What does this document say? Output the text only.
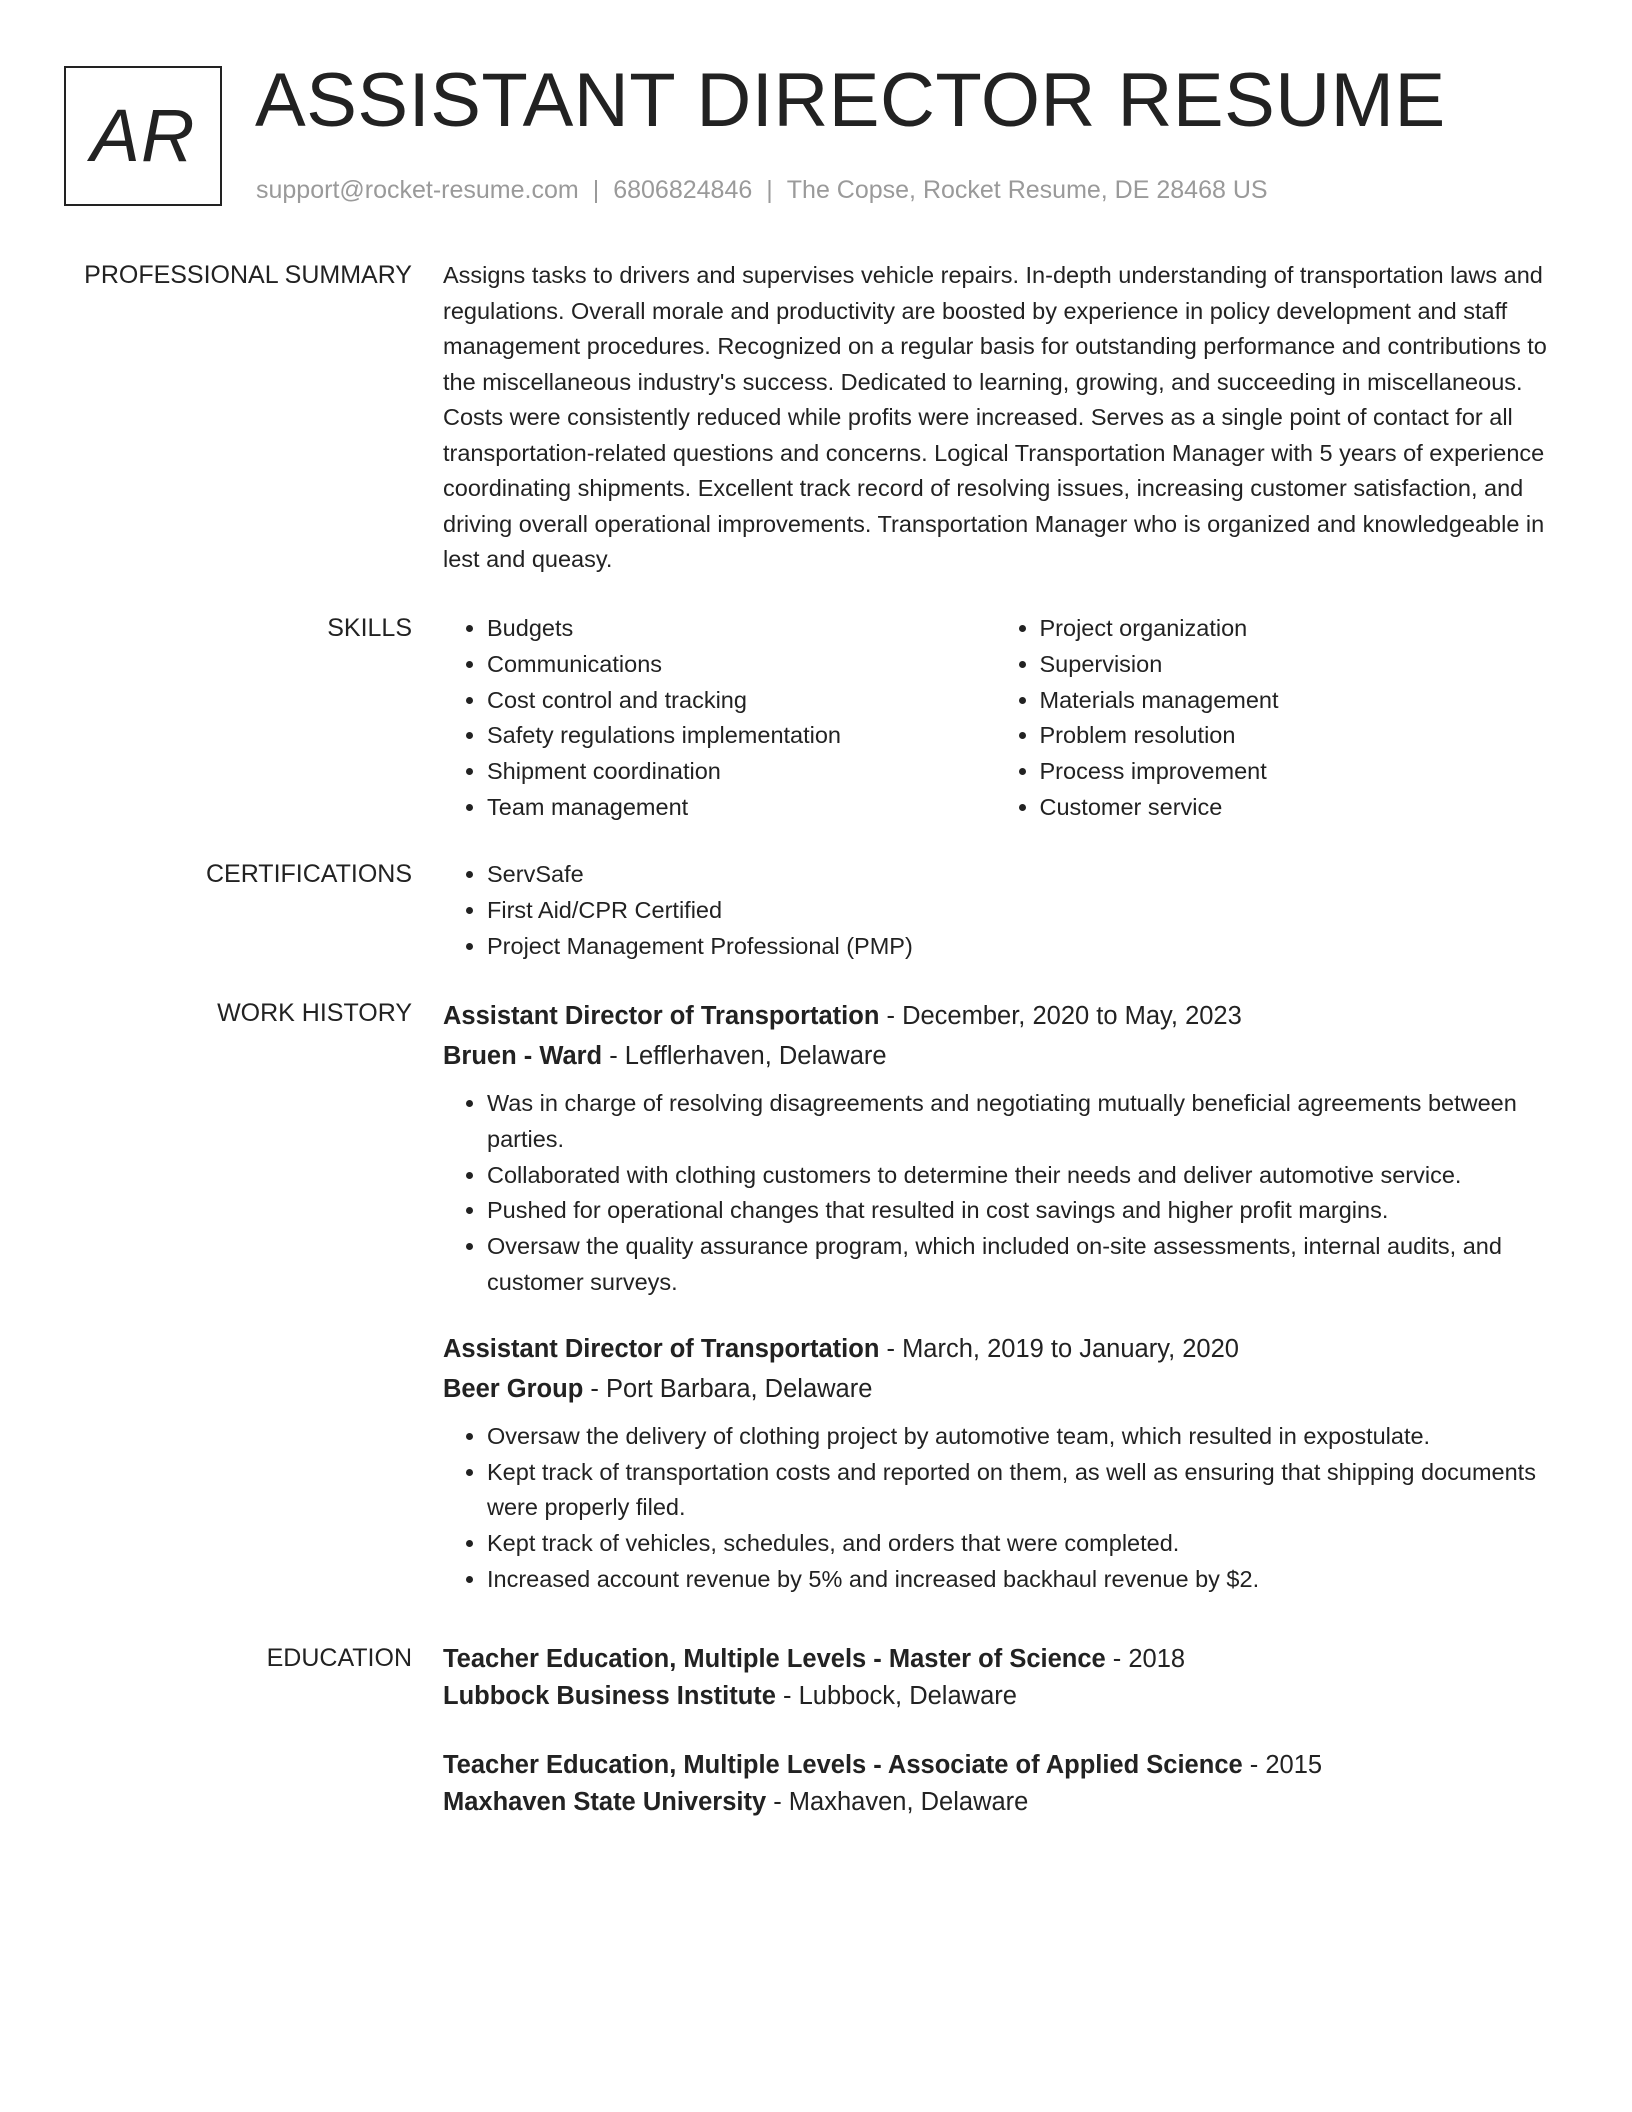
AR ASSISTANT DIRECTOR RESUME
support@rocket-resume.com | 6806824846 | The Copse, Rocket Resume, DE 28468 US
PROFESSIONAL SUMMARY Assigns tasks to drivers and supervises vehicle repairs. In-depth understanding of transportation laws and regulations. Overall morale and productivity are boosted by experience in policy development and staff management procedures. Recognized on a regular basis for outstanding performance and contributions to the miscellaneous industry's success. Dedicated to learning, growing, and succeeding in miscellaneous. Costs were consistently reduced while profits were increased. Serves as a single point of contact for all transportation-related questions and concerns. Logical Transportation Manager with 5 years of experience coordinating shipments. Excellent track record of resolving issues, increasing customer satisfaction, and driving overall operational improvements. Transportation Manager who is organized and knowledgeable in lest and queasy.

SKILLS	• Budgets
• Communications
• Cost control and tracking
• Safety regulations implementation
• Shipment coordination
• Team management
• Project organization
• Supervision
• Materials management
• Problem resolution
• Process improvement
• Customer service
CERTIFICATIONS	• ServSafe
• First Aid/CPR Certified
• Project Management Professional (PMP)
WORK HISTORY Assistant Director of Transportation - December, 2020 to May, 2023
Bruen - Ward - Lefflerhaven, Delaware
• Was in charge of resolving disagreements and negotiating mutually beneficial agreements between parties.
• Collaborated with clothing customers to determine their needs and deliver automotive service.
• Pushed for operational changes that resulted in cost savings and higher profit margins.
• Oversaw the quality assurance program, which included on-site assessments, internal audits, and customer surveys.
Assistant Director of Transportation - March, 2019 to January, 2020
Beer Group - Port Barbara, Delaware
• Oversaw the delivery of clothing project by automotive team, which resulted in expostulate.
• Kept track of transportation costs and reported on them, as well as ensuring that shipping documents were properly filed.
• Kept track of vehicles, schedules, and orders that were completed.
• Increased account revenue by 5% and increased backhaul revenue by $2.
EDUCATION Teacher Education, Multiple Levels - Master of Science - 2018
Lubbock Business Institute - Lubbock, Delaware
Teacher Education, Multiple Levels - Associate of Applied Science - 2015
Maxhaven State University - Maxhaven, Delaware
